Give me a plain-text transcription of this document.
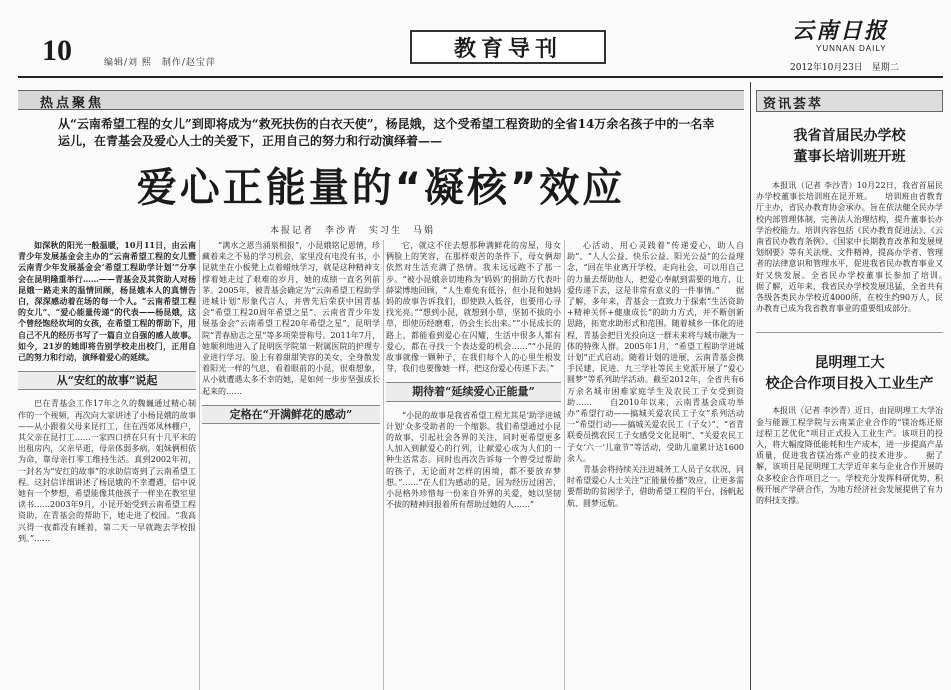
10	编辑/刘 熙　制作/赵宝萍
教育导刊
云南日报
YUNNAN DAILY
2012年10月23日　星期二
热点聚焦
从“云南希望工程的女儿”到即将成为“救死扶伤的白衣天使”，杨昆娥，这个受希望工程资助的全省14万余名孩子中的一名幸运儿，在青基会及爱心人士的关爱下，正用自己的努力和行动演绎着——
爱心正能量的“凝核”效应
本报记者　李沙青　实习生　马娟

如深秋的阳光一般温暖，10月11日，由云南青少年发展基金会主办的“云南希望工程的女儿暨云南青少年发展基金会‘希望工程助学计划’”分享会在昆明隆重举行……——青基会及其资助人对杨昆娥一路走来的温情回顾，杨昆娥本人的真情告白，深深感动着在场的每一个人。“云南希望工程的女儿”、“爱心能量传递”的代表——杨昆娥，这个曾经饱经坎坷的女孩，在希望工程的帮助下，用自己不凡的经历书写了一篇自立自强的感人故事。如今，21岁的她即将告别学校走出校门，正用自己的努力和行动，演绎着爱心的延续。

从“安红的故事”说起

巴在青基会工作17年之久的魏巍通过精心制作的一个视频，再次向大家讲述了小杨昆娥的故事——从小跟着父母来昆打工，住在西郊凤林棚户，其父亲在昆打工……一家四口挤在只有十几平米的出租房内，父亲早逝，母亲体弱多病，姐妹俩相依为命，靠母亲打零工维持生活。真到2002年初，一封名为“安红的故事”的求助信寄到了云南希望工程。这封信详细讲述了杨昆娥的不幸遭遇，信中说她有一个梦想，希望能像其他孩子一样坐在教室里读书……2003年9月，小昆开始受到云南希望工程资助，在青基会的帮助下，她走进了校园。“我高兴得一夜都没有睡着，第二天一早就跑去学校报到。”……

“满水之恩当涌泉相报”，小昆娥铭记恩情，珍藏着来之不易的学习机会，家里没有电没有书，小昆就坐在小板凳上点着蜡烛学习，就是这种精神支撑着她走过了艰难的岁月，她的成绩一直名列前茅。2005年，被青基会确定为“云南希望工程助学进城计划”形象代言人，并曾先后荣获中国青基会“希望工程20周年希望之星”、云南省青少年发展基金会“云南希望工程20年希望之星”、昆明学院“青春励志之星”等多项荣誉称号。2011年7月，她顺利地进入了昆明医学院第一附属医院的护理专业进行学习。脸上有着甜甜笑容的美女，全身散发着阳光一样的气息，看着眼前的小昆，很难想象，从小就遭遇太多不幸的她，是如何一步步坚强成长起来的……

定格在“开满鲜花的感动”

它，就这不住去想那种满鲜花的房屋，母女俩脸上的笑容，在那样艰苦的条件下，母女俩却依然对生活充满了热情。我未远远跑不了那一步。“被小昆娥亲切地称为‘妈妈’的捐助方代表叶薛梁博地回顾，“人生难免有低谷，但小昆和她妈妈的故事告诉我们，即使跌入低谷，也要用心寻找光亮。”“想到小昆，就想到小草，坚韧不拔的小草，即使历经磨难，仍会生长出来。”“小昆成长的路上，都能看到爱心在闪耀，生活中很多人都有爱心，都在寻找一个表达爱的机会……”“小昆的故事就像一颗种子，在我们每个人的心里生根发芽，我们也要像她一样，把这份爱心传递下去。”

期待着“延续爱心正能量”

“小昆的故事是我省希望工程尤其是‘助学进城计划’众多受助者的一个缩影。我们希望通过小昆的故事，引起社会各界的关注，同时更希望更多人加入到献爱心的行列，让献爱心成为人们的一种生活常态。同时也再次告诉每一个曾受过帮助的孩子，无论面对怎样的困境，都不要放弃梦想。”……“在人们为感动的是，因为经历过困苦，小昆格外珍惜每一份来自外界的关爱，她以坚韧不拔的精神回报着所有帮助过她的人……”

心活动，用心灵践着“传递爱心，助人自助”、“人人公益、快乐公益、阳光公益”的公益理念，“回在毕业离开学校，走向社会，可以用自己的力量去帮助他人，把爱心奉献到需要的地方，让爱传递下去，这是非常有意义的一件事情。”　　据了解，多年来，青基会一直致力于探索“生活资助+精神关怀+健康成长”的助力方式，并不断创新思路，拓宽求助形式和范围。随着城乡一体化的进程，青基会把目光投向这一群未来将与城市融为一体的特殊人群。2005年1月，“希望工程助学进城计划”正式启动。随着计划的进展，云南青基会携手民建、民进、九三学社等民主党派开展了“爱心圆梦”等系列助学活动。截至2012年，全省共有6万余名城市困难家庭学生及农民工子女受到资助……　　自2010年以来，云南青基会成功举办“希望行动——搞城关爱农民工子女”系列活动一“希望行动——搞城关爱农民工（子女）”、“省青联委员携农民工子女感受文化昆明”、“关爱农民工子女‘六一’儿童节”等活动，受助儿童累计达1600余人。

青基会将持续关注进城务工人员子女状况，同时希望爱心人士关注“正能量传播”效应，让更多需要帮助的贫困学子，借助希望工程的平台，扬帆起航、圆梦远航。

资讯荟萃
我省首届民办学校
董事长培训班开班

本报讯（记者 李沙青）10月22日，我省首届民办学校董事长培训班在昆开班。　　培训班由省教育厅主办，省民办教育协会承办。旨在依法健全民办学校内部管理体制，完善法人治理结构，提升董事长办学治校能力。培训内容包括《民办教育促进法》、《云南省民办教育条例》、《国家中长期教育改革和发展规划纲要》等有关法规、文件精神，提高办学者、管理者的法律意识和管理水平，促进我省民办教育事业又好又快发展。全省民办学校董事长参加了培训。　　据了解，近年来，我省民办学校发展迅猛，全省共有各级各类民办学校近4000所，在校生约90万人，民办教育已成为我省教育事业的重要组成部分。

昆明理工大
校企合作项目投入工业生产

本报讯（记者 李沙青）近日，由昆明理工大学冶金与能源工程学院与云南某企业合作的“镁冶炼还原过程工艺优化”项目正式投入工业生产。该项目的投入，将大幅度降低能耗和生产成本，进一步提高产品质量，促进我省镁冶炼产业的技术进步。　　据了解，该项目是昆明理工大学近年来与企业合作开展的众多校企合作项目之一。学校充分发挥科研优势，积极开展产学研合作，为地方经济社会发展提供了有力的科技支撑。
